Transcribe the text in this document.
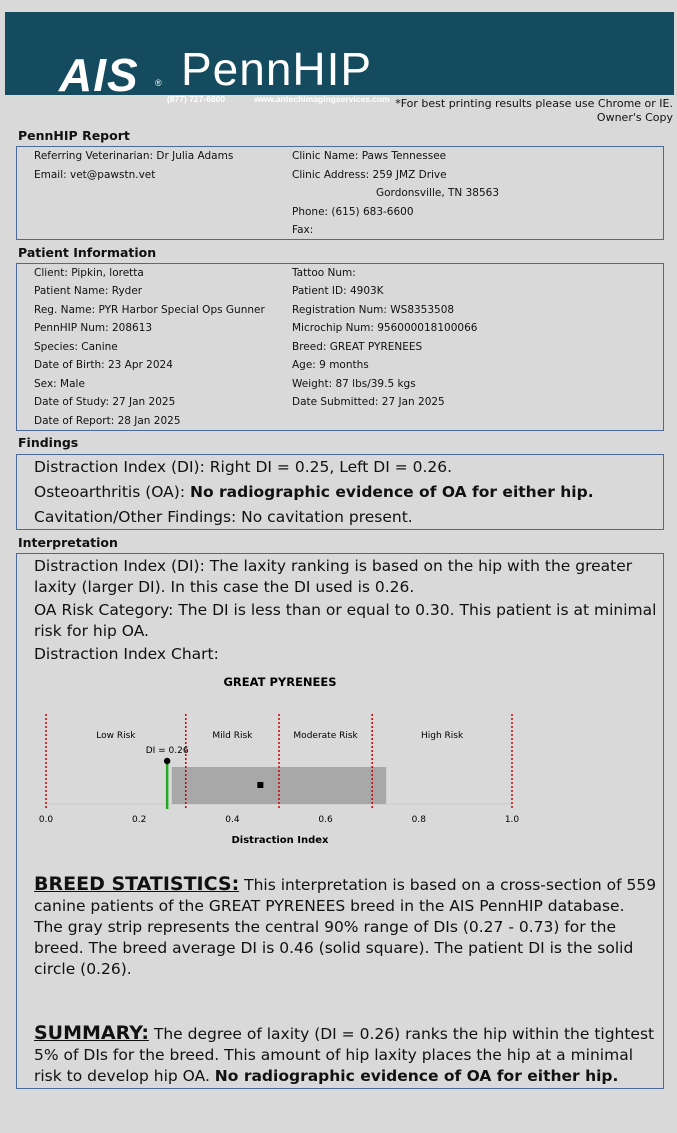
AIS ® PennHIP
(877) 727-6800	www.antechimagingservices.com *For best printing results please use Chrome or IE.
Owner's Copy
PennHIP Report
Referring Veterinarian: Dr Julia Adams
Email: vet@pawstn.vet
Clinic Name: Paws Tennessee
Clinic Address: 259 JMZ Drive
Gordonsville, TN 38563
Phone: (615) 683-6600
Fax:
Patient Information
Client: Pipkin, loretta
Patient Name: Ryder
Reg. Name: PYR Harbor Special Ops Gunner
PennHIP Num: 208613
Species: Canine
Date of Birth: 23 Apr 2024
Sex: Male
Date of Study: 27 Jan 2025
Date of Report: 28 Jan 2025
Tattoo Num:
Patient ID: 4903K
Registration Num: WS8353508
Microchip Num: 956000018100066
Breed: GREAT PYRENEES
Age: 9 months
Weight: 87 lbs/39.5 kgs
Date Submitted: 27 Jan 2025
Findings
Distraction Index (DI): Right DI = 0.25, Left DI = 0.26.
Osteoarthritis (OA): No radiographic evidence of OA for either hip.
Cavitation/Other Findings: No cavitation present.
Interpretation
Distraction Index (DI): The laxity ranking is based on the hip with the greater laxity (larger DI). In this case the DI used is 0.26.
OA Risk Category: The DI is less than or equal to 0.30. This patient is at minimal risk for hip OA.
Distraction Index Chart:
GREAT PYRENEES
Low Risk	Mild Risk	Moderate Risk	High Risk
DI = 0.26
0.0	0.2	0.4	0.6	0.8	1.0
Distraction Index
BREED STATISTICS: This interpretation is based on a cross-section of 559 canine patients of the GREAT PYRENEES breed in the AIS PennHIP database. The gray strip represents the central 90% range of DIs (0.27 - 0.73) for the breed. The breed average DI is 0.46 (solid square). The patient DI is the solid circle (0.26).
SUMMARY: The degree of laxity (DI = 0.26) ranks the hip within the tightest 5% of DIs for the breed. This amount of hip laxity places the hip at a minimal risk to develop hip OA. No radiographic evidence of OA for either hip.
